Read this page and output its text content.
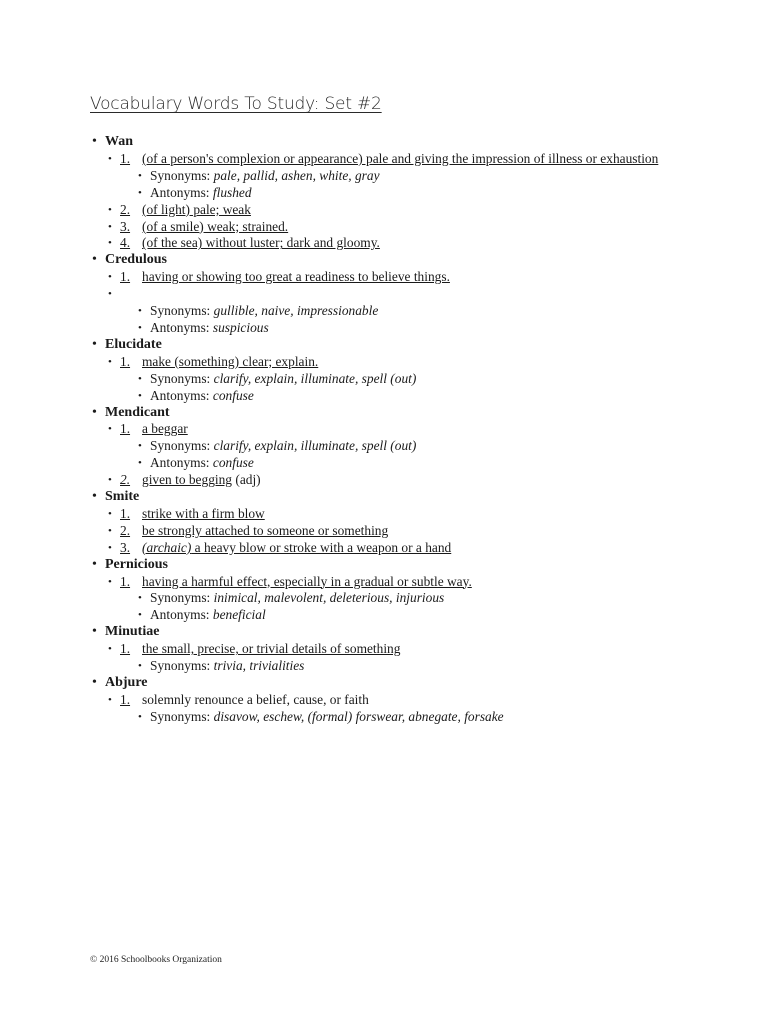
Vocabulary Words To Study: Set #2
• Wan
• 1. (of a person's complexion or appearance) pale and giving the impression of illness or exhaustion
• Synonyms: pale, pallid, ashen, white, gray
• Antonyms: flushed
• 2. (of light) pale; weak
• 3. (of a smile) weak; strained.
• 4. (of the sea) without luster; dark and gloomy.
• Credulous
• 1. having or showing too great a readiness to believe things.
•
• Synonyms: gullible, naive, impressionable
• Antonyms: suspicious
• Elucidate
• 1. make (something) clear; explain.
• Synonyms: clarify, explain, illuminate, spell (out)
• Antonyms: confuse
• Mendicant
• 1. a beggar
• Synonyms: clarify, explain, illuminate, spell (out)
• Antonyms: confuse
• 2. given to begging (adj)
• Smite
• 1. strike with a firm blow
• 2. be strongly attached to someone or something
• 3. (archaic) a heavy blow or stroke with a weapon or a hand
• Pernicious
• 1. having a harmful effect, especially in a gradual or subtle way.
• Synonyms: inimical, malevolent, deleterious, injurious
• Antonyms: beneficial
• Minutiae
• 1. the small, precise, or trivial details of something
• Synonyms: trivia, trivialities
• Abjure
• 1. solemnly renounce a belief, cause, or faith
• Synonyms: disavow, eschew, (formal) forswear, abnegate, forsake
© 2016 Schoolbooks Organization
